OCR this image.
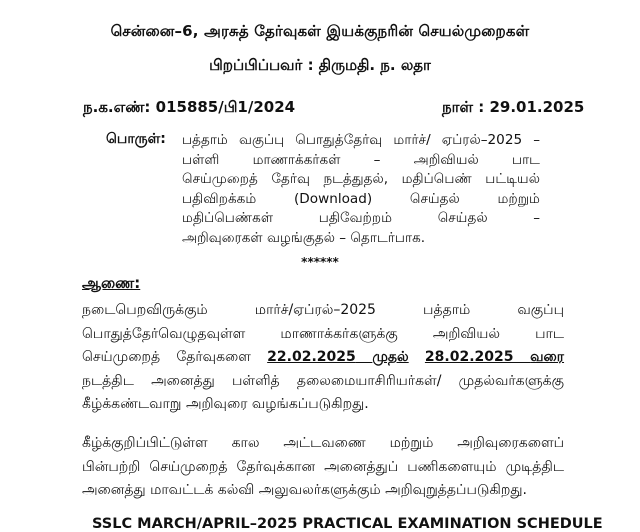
சென்னை–6, அரசுத் தேர்வுகள் இயக்குநரின் செயல்முறைகள்
பிறப்பிப்பவர் : திருமதி. ந. லதா
ந.க.எண்: 015885/பி1/2024	நாள் : 29.01.2025
பொருள்: பத்தாம் வகுப்பு பொதுத்தேர்வு மார்ச்/ ஏப்ரல்–2025 –
பள்ளி மாணாக்கர்கள் – அறிவியல் பாட
செய்முறைத் தேர்வு நடத்துதல், மதிப்பெண் பட்டியல்
பதிவிறக்கம் (Download) செய்தல் மற்றும்
மதிப்பெண்கள் பதிவேற்றம் செய்தல் –
அறிவுரைகள் வழங்குதல் – தொடர்பாக.
******
ஆணை:
நடைபெறவிருக்கும் மார்ச்/ஏப்ரல்–2025 பத்தாம் வகுப்பு
பொதுத்தேர்வெழுதவுள்ள மாணாக்கர்களுக்கு அறிவியல் பாட
செய்முறைத் தேர்வுகளை 22.02.2025 முதல் 28.02.2025 வரை
நடத்திட அனைத்து பள்ளித் தலைமையாசிரியர்கள்/ முதல்வர்களுக்கு
கீழ்க்கண்டவாறு அறிவுரை வழங்கப்படுகிறது.
கீழ்க்குறிப்பிட்டுள்ள கால அட்டவணை மற்றும் அறிவுரைகளைப்
பின்பற்றி செய்முறைத் தேர்வுக்கான அனைத்துப் பணிகளையும் முடித்திட
அனைத்து மாவட்டக் கல்வி அலுவலர்களுக்கும் அறிவுறுத்தப்படுகிறது.
SSLC MARCH/APRIL–2025 PRACTICAL EXAMINATION SCHEDULE
